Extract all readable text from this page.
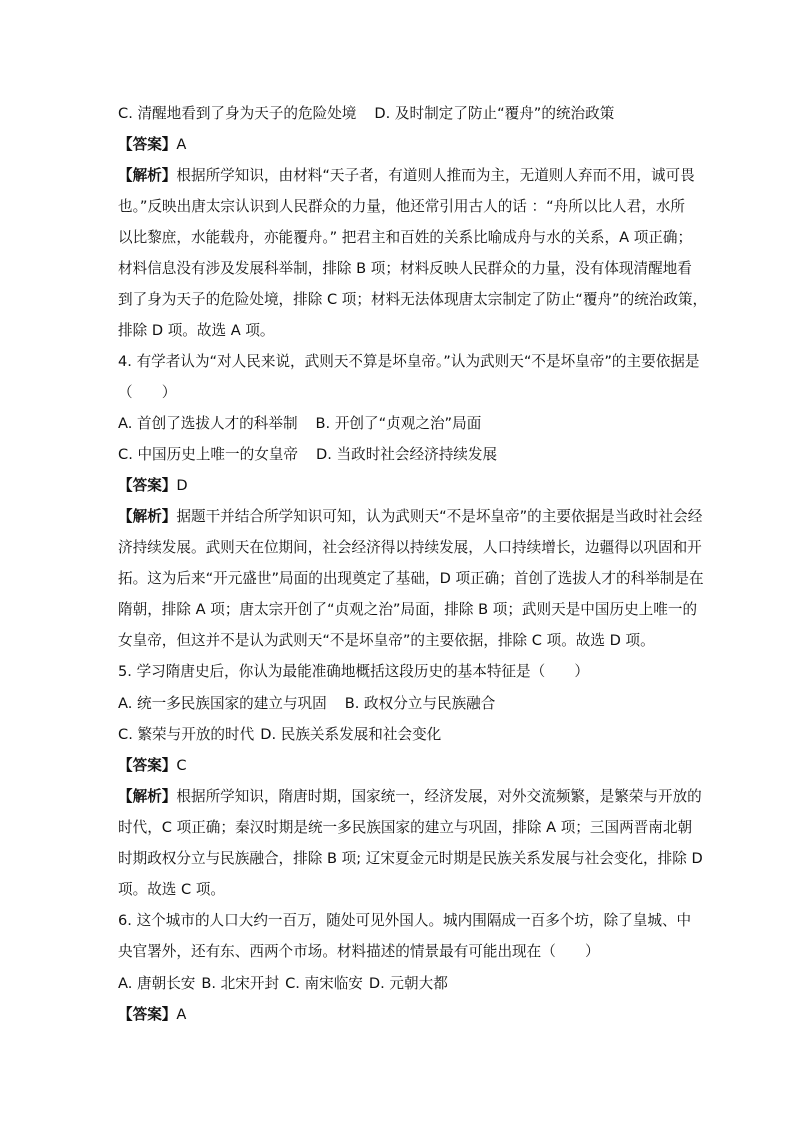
C. 清醒地看到了身为天子的危险处境 D. 及时制定了防止“覆舟”的统治政策
【答案】A
【解析】根据所学知识，由材料“天子者，有道则人推而为主，无道则人弃而不用，诚可畏
也。”反映出唐太宗认识到人民群众的力量，他还常引用古人的话 ：“舟所以比人君，水所
以比黎庶，水能载舟，亦能覆舟。” 把君主和百姓的关系比喻成舟与水的关系，A 项正确；
材料信息没有涉及发展科举制，排除 B 项；材料反映人民群众的力量，没有体现清醒地看
到了身为天子的危险处境，排除 C 项；材料无法体现唐太宗制定了防止“覆舟”的统治政策，
排除 D 项。故选 A 项。
4. 有学者认为“对人民来说，武则天不算是坏皇帝。”认为武则天“不是坏皇帝”的主要依据是
（　　）
A. 首创了选拔人才的科举制 B. 开创了“贞观之治”局面
C. 中国历史上唯一的女皇帝 D. 当政时社会经济持续发展
【答案】D
【解析】据题干并结合所学知识可知，认为武则天“不是坏皇帝”的主要依据是当政时社会经
济持续发展。武则天在位期间，社会经济得以持续发展，人口持续增长，边疆得以巩固和开
拓。这为后来“开元盛世”局面的出现奠定了基础，D 项正确；首创了选拔人才的科举制是在
隋朝，排除 A 项；唐太宗开创了“贞观之治”局面，排除 B 项；武则天是中国历史上唯一的
女皇帝，但这并不是认为武则天“不是坏皇帝”的主要依据，排除 C 项。故选 D 项。
5. 学习隋唐史后，你认为最能准确地概括这段历史的基本特征是（　　）
A. 统一多民族国家的建立与巩固 B. 政权分立与民族融合
C. 繁荣与开放的时代 D. 民族关系发展和社会变化
【答案】C
【解析】根据所学知识，隋唐时期，国家统一，经济发展，对外交流频繁，是繁荣与开放的
时代，C 项正确；秦汉时期是统一多民族国家的建立与巩固，排除 A 项；三国两晋南北朝
时期政权分立与民族融合，排除 B 项; 辽宋夏金元时期是民族关系发展与社会变化，排除 D
项。故选 C 项。
6. 这个城市的人口大约一百万，随处可见外国人。城内围隔成一百多个坊，除了皇城、中
央官署外，还有东、西两个市场。材料描述的情景最有可能出现在（　　）
A. 唐朝长安 B. 北宋开封 C. 南宋临安 D. 元朝大都
【答案】A
